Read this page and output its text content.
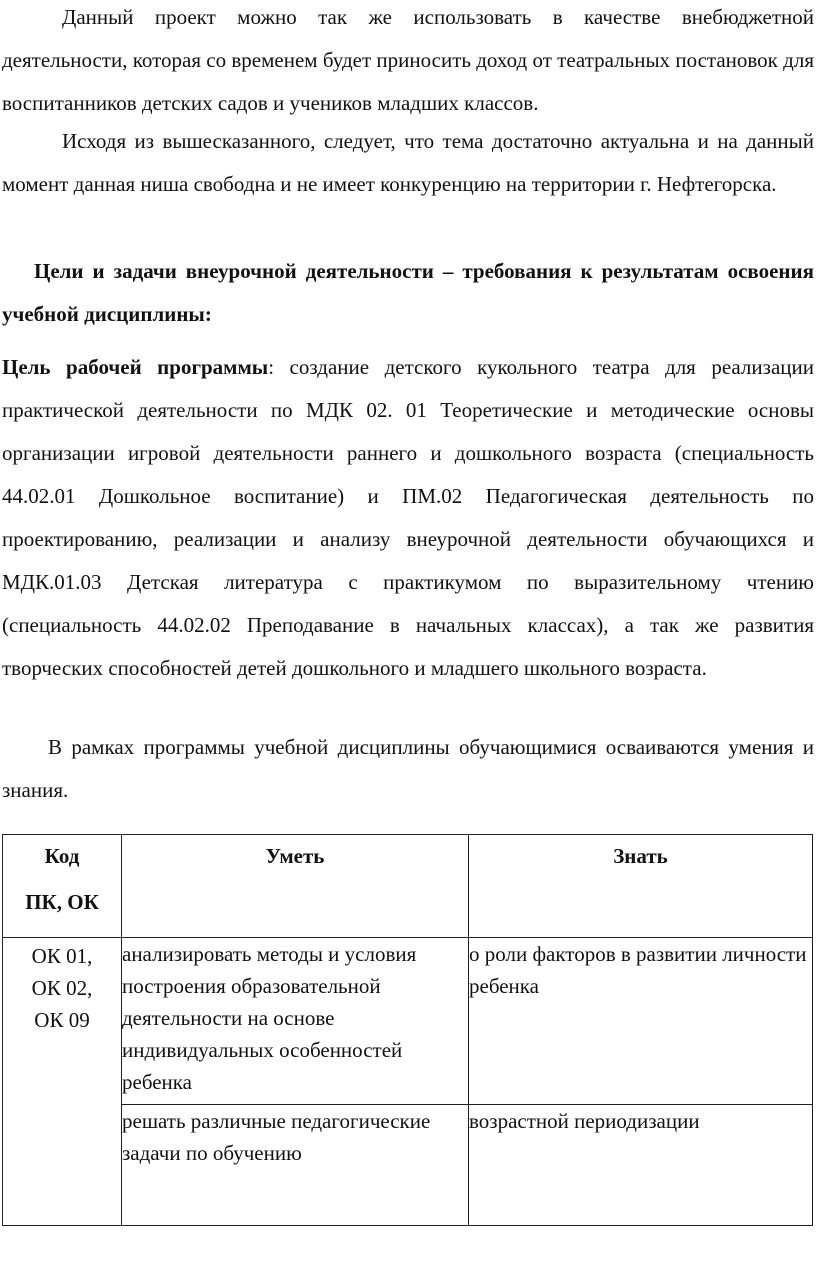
Данный проект можно так же использовать в качестве внебюджетной деятельности, которая со временем будет приносить доход от театральных постановок для воспитанников детских садов и учеников младших классов.

Исходя из вышесказанного, следует, что тема достаточно актуальна и на данный момент данная ниша свободна и не имеет конкуренцию на территории г. Нефтегорска.

Цели и задачи внеурочной деятельности – требования к результатам освоения учебной дисциплины:

Цель рабочей программы: создание детского кукольного театра для реализации практической деятельности по МДК 02. 01 Теоретические и методические основы организации игровой деятельности раннего и дошкольного возраста (специальность 44.02.01 Дошкольное воспитание) и ПМ.02 Педагогическая деятельность по проектированию, реализации и анализу внеурочной деятельности обучающихся и МДК.01.03 Детская литература с практикумом по выразительному чтению (специальность 44.02.02 Преподавание в начальных классах), а так же развития творческих способностей детей дошкольного и младшего школьного возраста.

В рамках программы учебной дисциплины обучающимися осваиваются умения и знания.

Код
ПК, ОК	Уметь	Знать

ОК 01,
ОК 02,
ОК 09	анализировать методы и условия построения образовательной деятельности на основе индивидуальных особенностей ребенка	о роли факторов в развитии личности ребенка
	решать различные педагогические задачи по обучению	возрастной периодизации
